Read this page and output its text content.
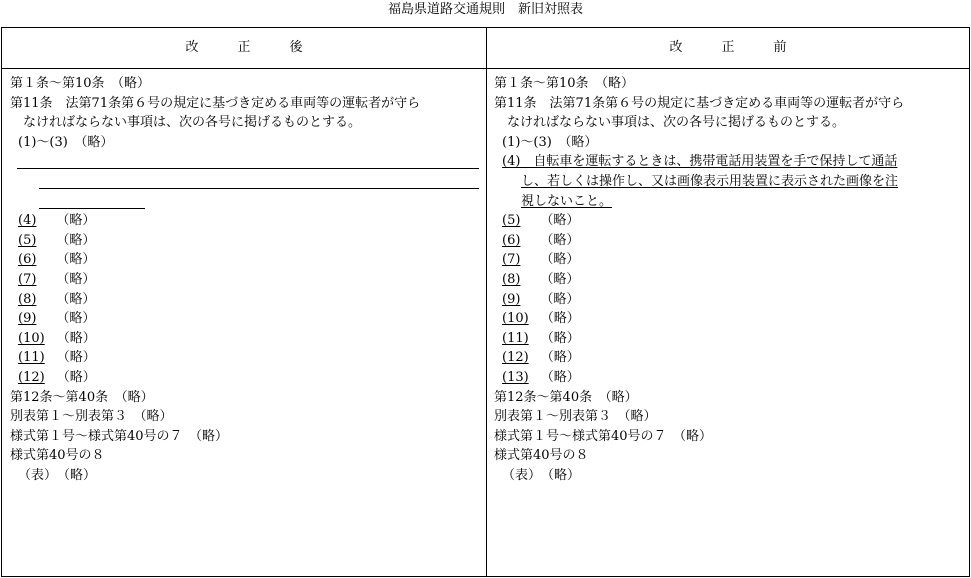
福島県道路交通規則　新旧対照表
改　　　正　　　後	改　　　正　　　前
第１条～第10条　（略）
第11条　法第71条第６号の規定に基づき定める車両等の運転者が守ら
なければならない事項は、次の各号に掲げるものとする。
(1)～(3)　（略）
(4) （略）
(5) （略）
(6) （略）
(7) （略）
(8) （略）
(9) （略）
(10) （略）
(11) （略）
(12) （略）
第12条～第40条　（略）
別表第１～別表第３　（略）
様式第１号～様式第40号の７　（略）
様式第40号の８
（表）　（略）
第１条～第10条　（略）
第11条　法第71条第６号の規定に基づき定める車両等の運転者が守ら
なければならない事項は、次の各号に掲げるものとする。
(1)～(3)　（略）
(4)　自転車を運転するときは、携帯電話用装置を手で保持して通話
し、若しくは操作し、又は画像表示用装置に表示された画像を注
視しないこと。
(5) （略）
(6) （略）
(7) （略）
(8) （略）
(9) （略）
(10) （略）
(11) （略）
(12) （略）
(13) （略）
第12条～第40条　（略）
別表第１～別表第３　（略）
様式第１号～様式第40号の７　（略）
様式第40号の８
（表）　（略）
